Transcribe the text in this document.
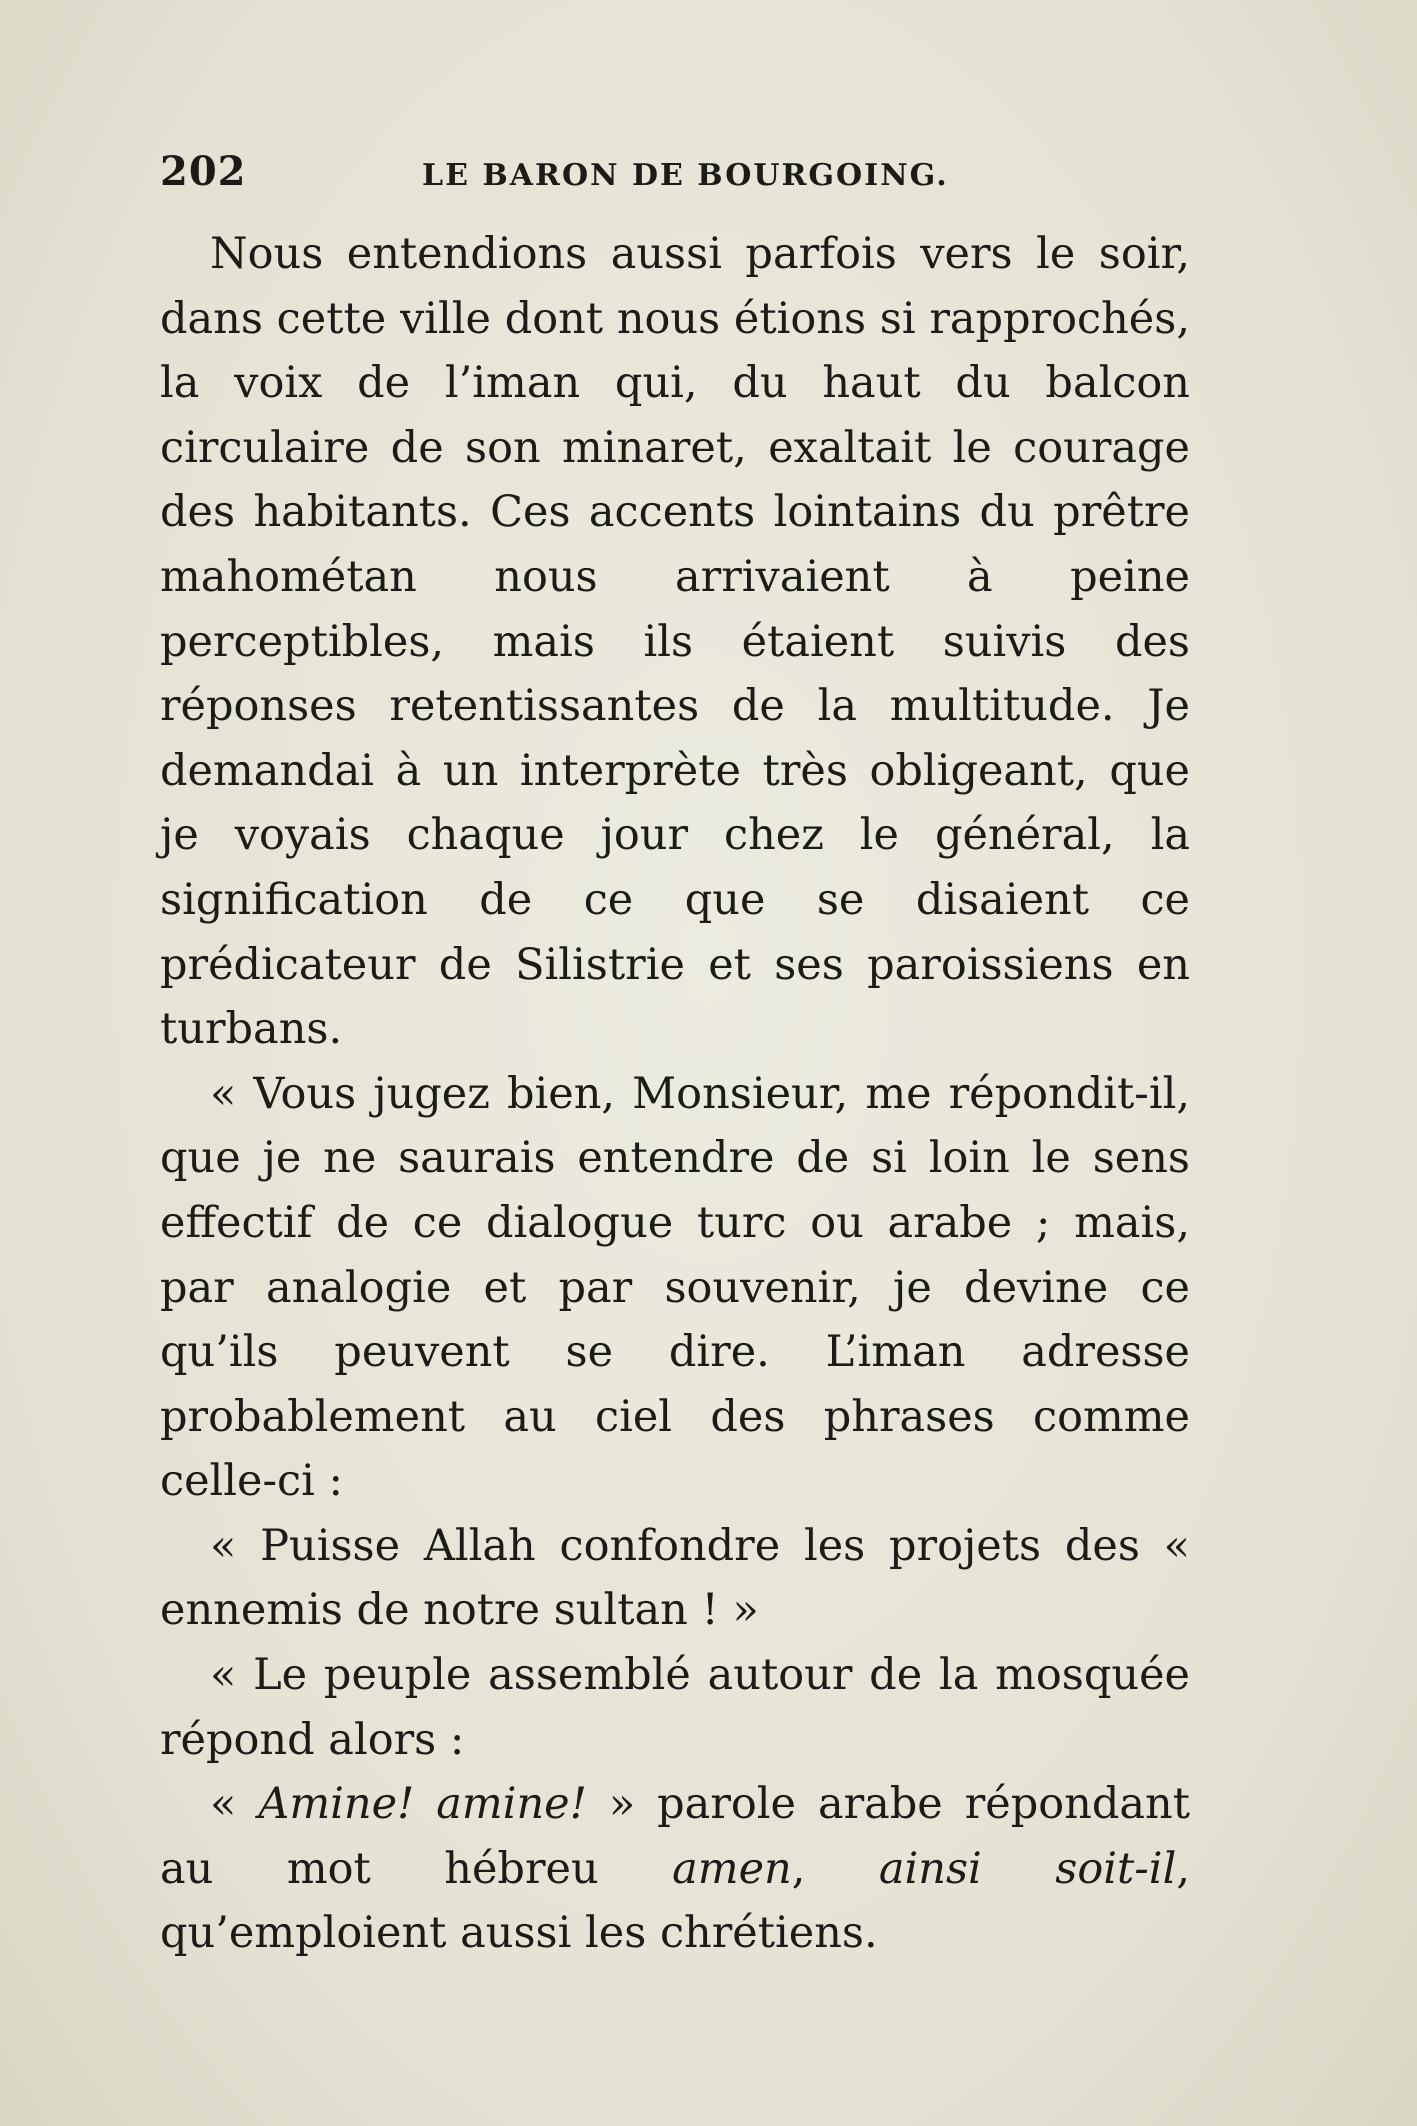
202	LE BARON DE BOURGOING.

Nous entendions aussi parfois vers le soir, dans cette ville dont nous étions si rapprochés, la voix de l’iman qui, du haut du balcon circulaire de son minaret, exaltait le courage des habitants. Ces accents lointains du prêtre mahométan nous arrivaient à peine perceptibles, mais ils étaient suivis des réponses retentissantes de la multitude. Je demandai à un interprète très obligeant, que je voyais chaque jour chez le général, la signification de ce que se disaient ce prédicateur de Silistrie et ses paroissiens en turbans.

« Vous jugez bien, Monsieur, me répondit-il, que je ne saurais entendre de si loin le sens effectif de ce dialogue turc ou arabe ; mais, par analogie et par souvenir, je devine ce qu’ils peuvent se dire. L’iman adresse probablement au ciel des phrases comme celle-ci :

« Puisse Allah confondre les projets des « ennemis de notre sultan ! »

« Le peuple assemblé autour de la mosquée répond alors :

« Amine! amine! » parole arabe répondant au mot hébreu amen, ainsi soit-il, qu’emploient aussi les chrétiens.
